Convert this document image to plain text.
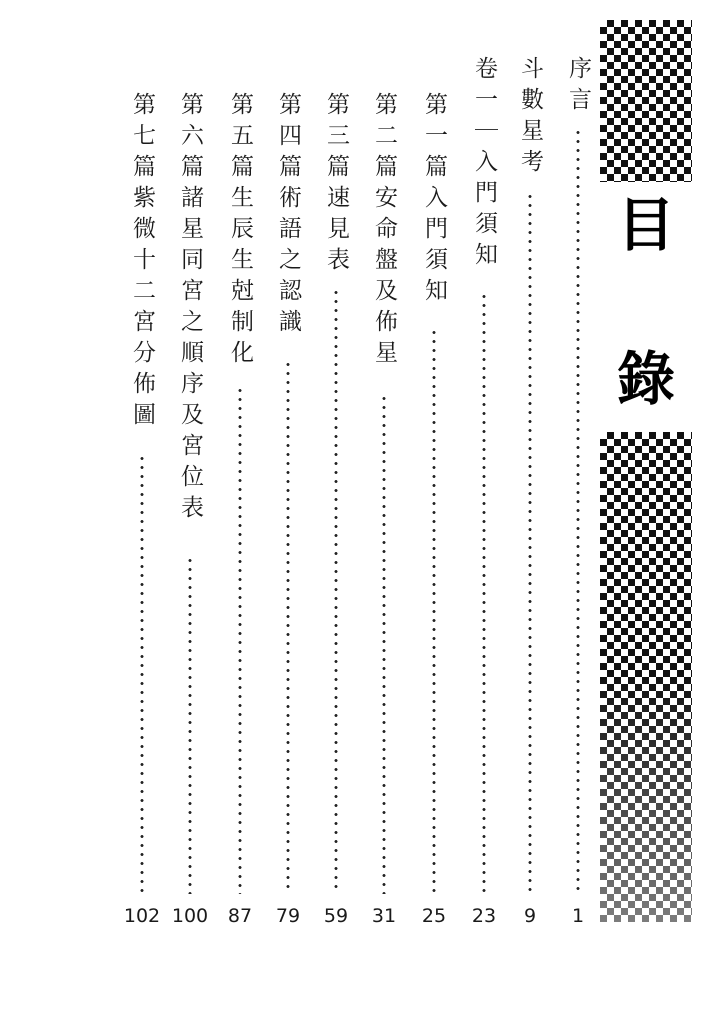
目
錄
序言
1
斗數星考
9
卷一｜入門須知
23
第一篇入門須知
25
第二篇安命盤及佈星
31
第三篇速見表
59
第四篇術語之認識
79
第五篇生辰生尅制化
87
第六篇諸星同宮之順序及宮位表
100
第七篇紫微十二宮分佈圖
102
